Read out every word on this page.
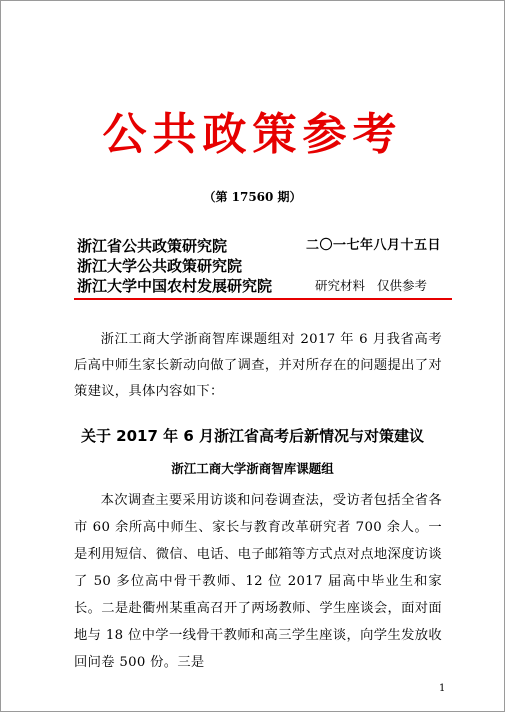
公共政策参考
（第 17560 期）
浙江省公共政策研究院
浙江大学公共政策研究院
浙江大学中国农村发展研究院
二〇一七年八月十五日
研究材料 仅供参考
浙江工商大学浙商智库课题组对 2017 年 6 月我省高考后高中师生家长新动向做了调查，并对所存在的问题提出了对策建议，具体内容如下：
关于 2017 年 6 月浙江省高考后新情况与对策建议
浙江工商大学浙商智库课题组
本次调查主要采用访谈和问卷调查法，受访者包括全省各市 60 余所高中师生、家长与教育改革研究者 700 余人。一是利用短信、微信、电话、电子邮箱等方式点对点地深度访谈了 50 多位高中骨干教师、12 位 2017 届高中毕业生和家长。二是赴衢州某重高召开了两场教师、学生座谈会，面对面地与 18 位中学一线骨干教师和高三学生座谈，向学生发放收回问卷 500 份。三是
1
